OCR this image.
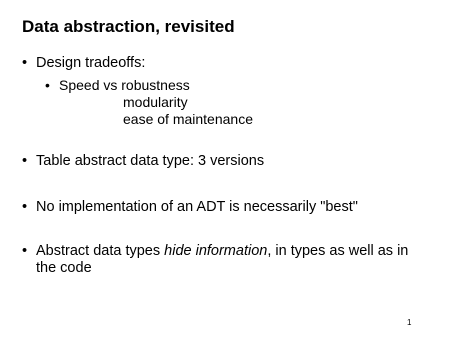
Data abstraction, revisited
• Design tradeoffs:
• Speed vs robustness
modularity
ease of maintenance
• Table abstract data type: 3 versions
• No implementation of an ADT is necessarily "best"
• Abstract data types hide information, in types as well as in
the code
1
